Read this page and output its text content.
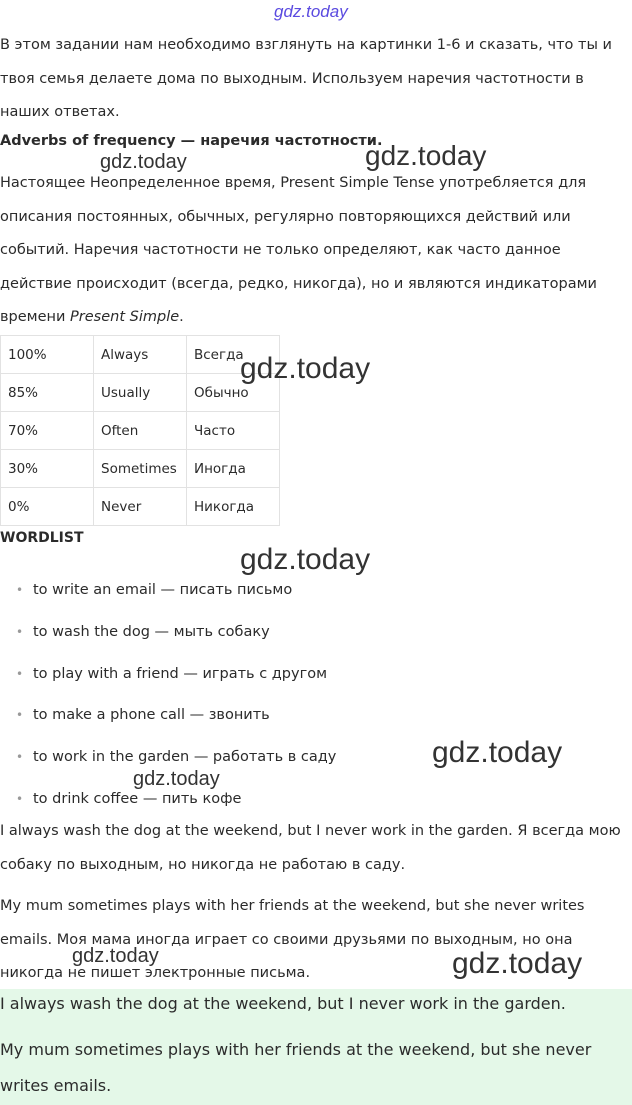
gdz.today

В этом задании нам необходимо взглянуть на картинки 1-6 и сказать, что ты и твоя семья делаете дома по выходным. Используем наречия частотности в наших ответах.

Adverbs of frequency — наречия частотности.

Настоящее Неопределенное время, Present Simple Tense употребляется для описания постоянных, обычных, регулярно повторяющихся действий или событий. Наречия частотности не только определяют, как часто данное действие происходит (всегда, редко, никогда), но и являются индикаторами времени Present Simple.

100%	Always	Всегда
85%	Usually	Обычно
70%	Often	Часто
30%	Sometimes	Иногда
0%	Never	Никогда
WORDLIST
• to write an email — писать письмо
• to wash the dog — мыть собаку
• to play with a friend — играть с другом
• to make a phone call — звонить
• to work in the garden — работать в саду
• to drink coffee — пить кофе

I always wash the dog at the weekend, but I never work in the garden. Я всегда мою собаку по выходным, но никогда не работаю в саду.

My mum sometimes plays with her friends at the weekend, but she never writes emails. Моя мама иногда играет со своими друзьями по выходным, но она никогда не пишет электронные письма.

I always wash the dog at the weekend, but I never work in the garden.

My mum sometimes plays with her friends at the weekend, but she never

writes emails.

gdz.today	gdz.today
gdz.today
gdz.today
gdz.today
gdz.today
gdz.today	gdz.today
